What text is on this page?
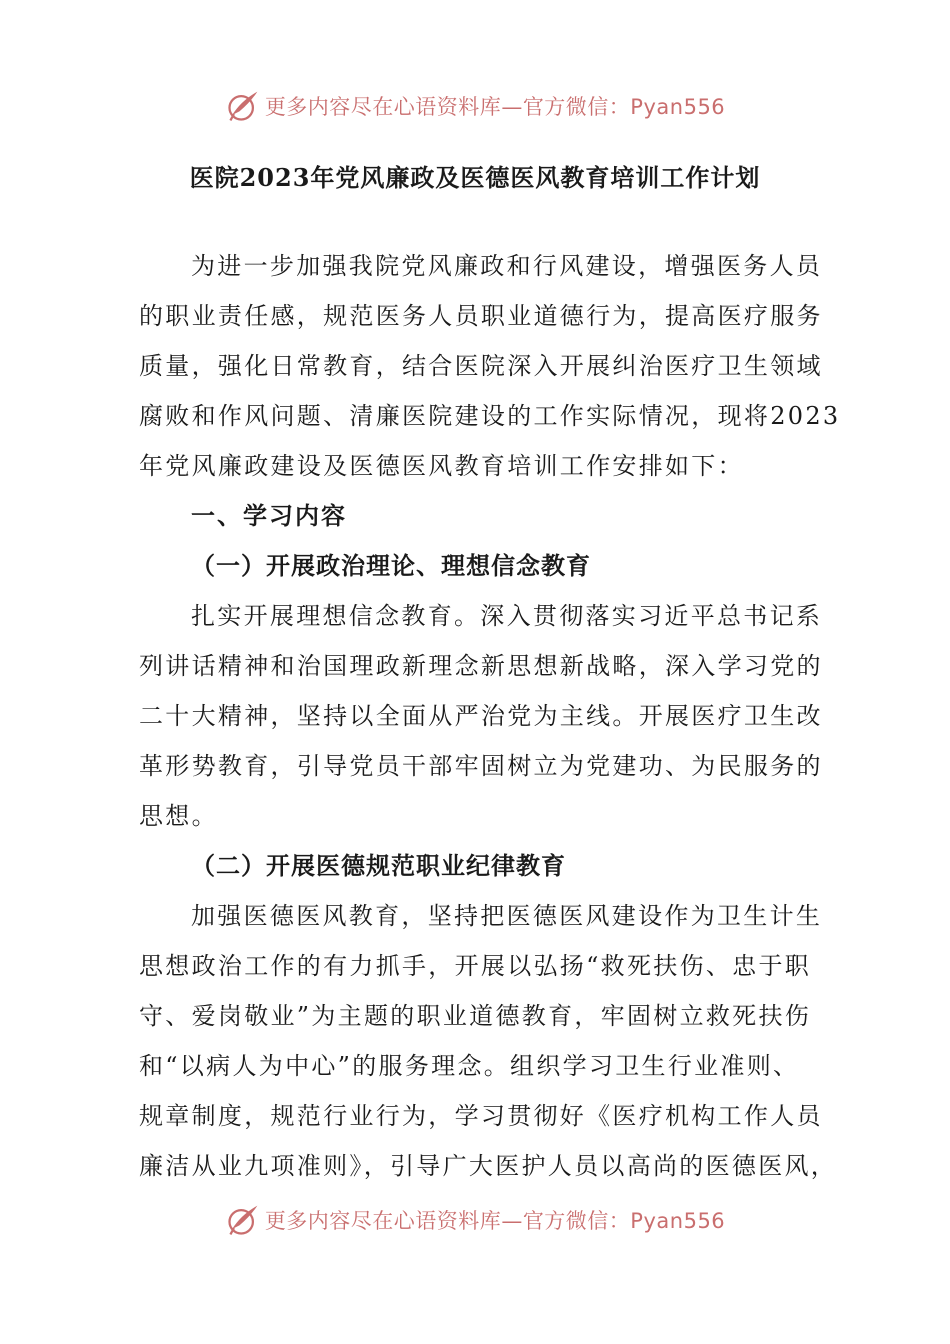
更多内容尽在心语资料库 —官方微信：Pyan556
医院2023年党风廉政及医德医风教育培训工作计划

为进一步加强我院党风廉政和行风建设，增强医务人员
的职业责任感，规范医务人员职业道德行为，提高医疗服务
质量，强化日常教育，结合医院深入开展纠治医疗卫生领域
腐败和作风问题、清廉医院建设的工作实际情况，现将2023
年党风廉政建设及医德医风教育培训工作安排如下：

一、学习内容
（一）开展政治理论、理想信念教育

扎实开展理想信念教育。深入贯彻落实习近平总书记系
列讲话精神和治国理政新理念新思想新战略，深入学习党的
二十大精神，坚持以全面从严治党为主线。开展医疗卫生改
革形势教育，引导党员干部牢固树立为党建功、为民服务的
思想。

（二）开展医德规范职业纪律教育

加强医德医风教育，坚持把医德医风建设作为卫生计生
思想政治工作的有力抓手，开展以弘扬“救死扶伤、忠于职
守、爱岗敬业”为主题的职业道德教育，牢固树立救死扶伤
和“以病人为中心”的服务理念。组织学习卫生行业准则、
规章制度，规范行业行为，学习贯彻好《医疗机构工作人员
廉洁从业九项准则》，引导广大医护人员以高尚的医德医风，

更多内容尽在心语资料库 —官方微信：Pyan556
